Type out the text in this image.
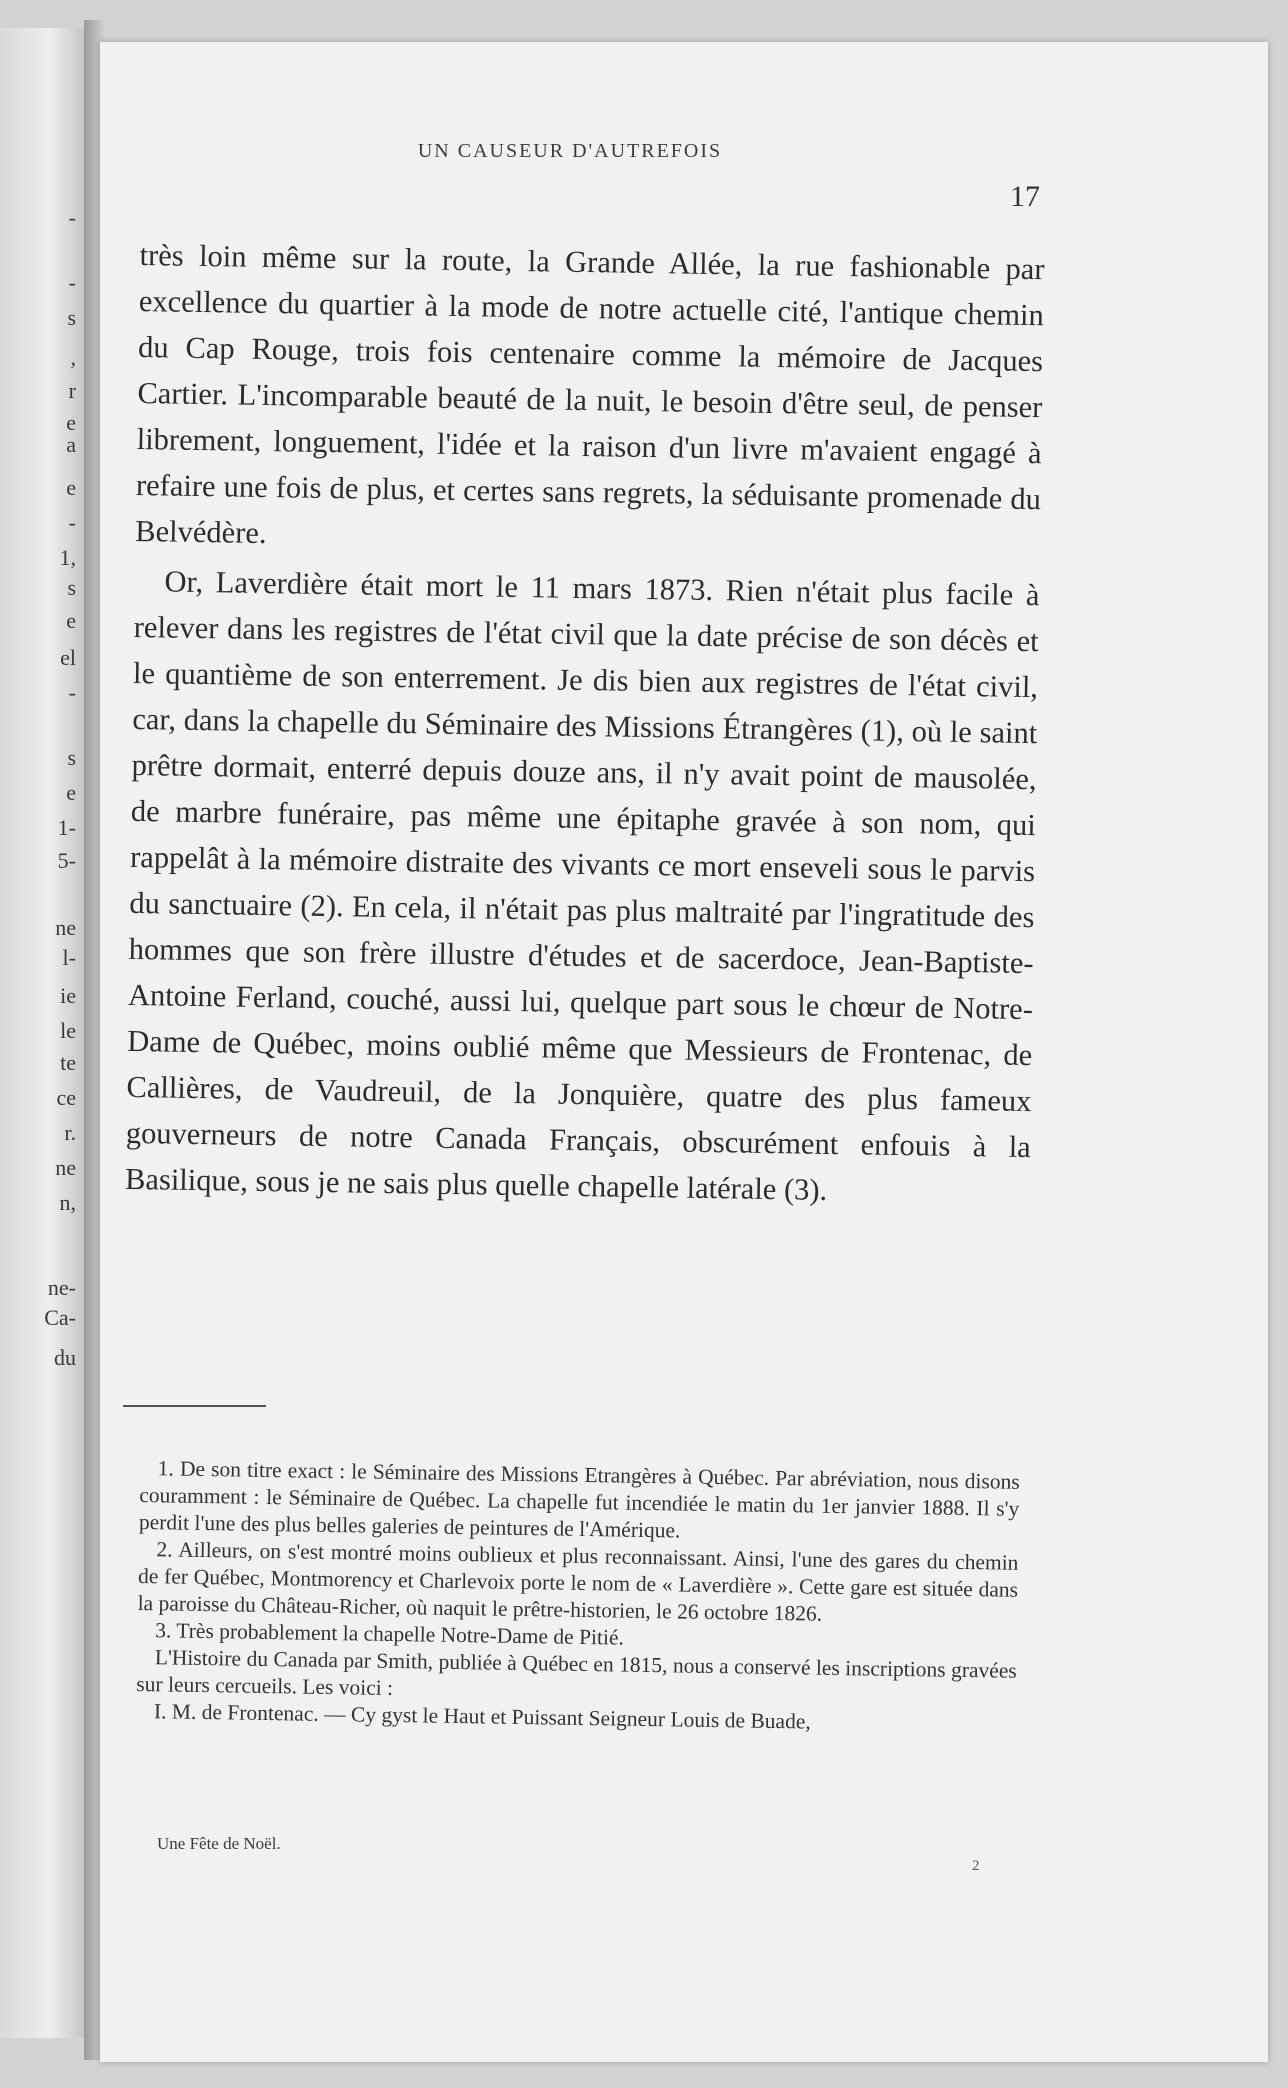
-
-
s
,
r
e
a
e
-
1,
s
e
el
-
s
e
1-
5-
ne
l-
ie
le
te
ce
r.
ne
n,
ne-
Ca-
du
UN CAUSEUR D'AUTREFOIS
17

très loin même sur la route, la Grande Allée, la rue fashionable par excellence du quartier à la mode de notre actuelle cité, l'antique chemin du Cap Rouge, trois fois centenaire comme la mémoire de Jacques Cartier. L'incomparable beauté de la nuit, le besoin d'être seul, de penser librement, longuement, l'idée et la raison d'un livre m'avaient engagé à refaire une fois de plus, et certes sans regrets, la séduisante promenade du Belvédère.

Or, Laverdière était mort le 11 mars 1873. Rien n'était plus facile à relever dans les registres de l'état civil que la date précise de son décès et le quantième de son enterrement. Je dis bien aux registres de l'état civil, car, dans la chapelle du Séminaire des Missions Étrangères (1), où le saint prêtre dormait, enterré depuis douze ans, il n'y avait point de mausolée, de marbre funéraire, pas même une épitaphe gravée à son nom, qui rappelât à la mémoire distraite des vivants ce mort enseveli sous le parvis du sanctuaire (2). En cela, il n'était pas plus maltraité par l'ingratitude des hommes que son frère illustre d'études et de sacerdoce, Jean-Baptiste-Antoine Ferland, couché, aussi lui, quelque part sous le chœur de Notre-Dame de Québec, moins oublié même que Messieurs de Frontenac, de Callières, de Vaudreuil, de la Jonquière, quatre des plus fameux gouverneurs de notre Canada Français, obscurément enfouis à la Basilique, sous je ne sais plus quelle chapelle latérale (3).

1. De son titre exact : le Séminaire des Missions Etrangères à Québec. Par abréviation, nous disons couramment : le Séminaire de Québec. La chapelle fut incendiée le matin du 1er janvier 1888. Il s'y perdit l'une des plus belles galeries de peintures de l'Amérique.

2. Ailleurs, on s'est montré moins oublieux et plus reconnaissant. Ainsi, l'une des gares du chemin de fer Québec, Montmorency et Charlevoix porte le nom de « Laverdière ». Cette gare est située dans la paroisse du Château-Richer, où naquit le prêtre-historien, le 26 octobre 1826.

3. Très probablement la chapelle Notre-Dame de Pitié.

L'Histoire du Canada par Smith, publiée à Québec en 1815, nous a conservé les inscriptions gravées sur leurs cercueils. Les voici :

I. M. de Frontenac. — Cy gyst le Haut et Puissant Seigneur Louis de Buade,

Une Fête de Noël.
2
